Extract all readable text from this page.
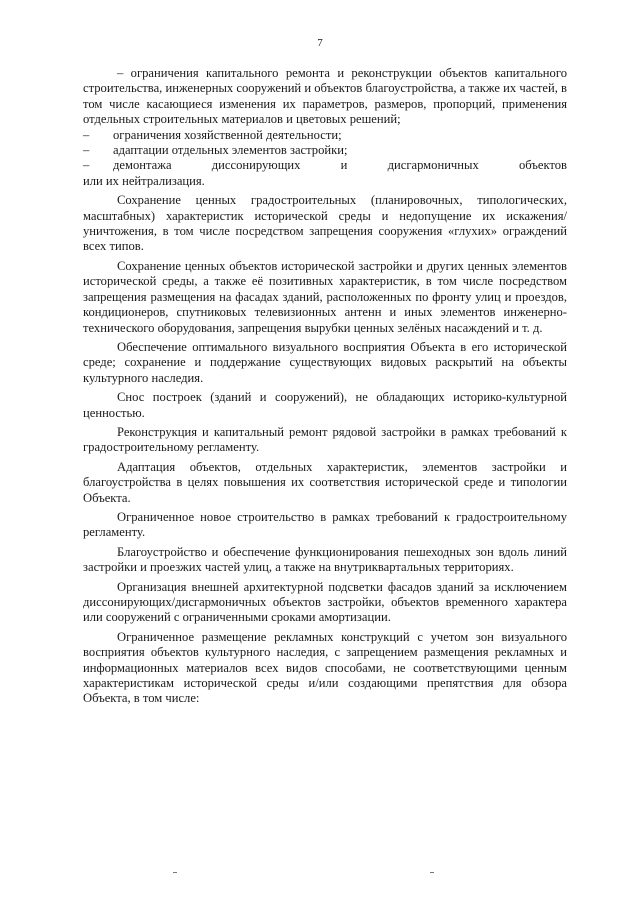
7

– ограничения капитального ремонта и реконструкции объектов капитального строительства, инженерных сооружений и объектов благоустройства, а также их частей, в том числе касающиеся изменения их параметров, размеров, пропорций, применения отдельных строительных материалов и цветовых решений;

–	ограничения хозяйственной деятельности;
–	адаптации отдельных элементов застройки;
–	демонтажа диссонирующих и дисгармоничных объектов

или их нейтрализация.

Сохранение ценных градостроительных (планировочных, типологических, масштабных) характеристик исторической среды и недопущение их искажения/уничтожения, в том числе посредством запрещения сооружения «глухих» ограждений всех типов.

Сохранение ценных объектов исторической застройки и других ценных элементов исторической среды, а также её позитивных характеристик, в том числе посредством запрещения размещения на фасадах зданий, расположенных по фронту улиц и проездов, кондиционеров, спутниковых телевизионных антенн и иных элементов инженерно-технического оборудования, запрещения вырубки ценных зелёных насаждений и т. д.

Обеспечение оптимального визуального восприятия Объекта в его исторической среде; сохранение и поддержание существующих видовых раскрытий на объекты культурного наследия.

Снос построек (зданий и сооружений), не обладающих историко-культурной ценностью.

Реконструкция и капитальный ремонт рядовой застройки в рамках требований к градостроительному регламенту.

Адаптация объектов, отдельных характеристик, элементов застройки и благоустройства в целях повышения их соответствия исторической среде и типологии Объекта.

Ограниченное новое строительство в рамках требований к градостроительному регламенту.

Благоустройство и обеспечение функционирования пешеходных зон вдоль линий застройки и проезжих частей улиц, а также на внутриквартальных территориях.

Организация внешней архитектурной подсветки фасадов зданий за исключением диссонирующих/дисгармоничных объектов застройки, объектов временного характера или сооружений с ограниченными сроками амортизации.

Ограниченное размещение рекламных конструкций с учетом зон визуального восприятия объектов культурного наследия, с запрещением размещения рекламных и информационных материалов всех видов способами, не соответствующими ценным характеристикам исторической среды и/или создающими препятствия для обзора Объекта, в том числе:
